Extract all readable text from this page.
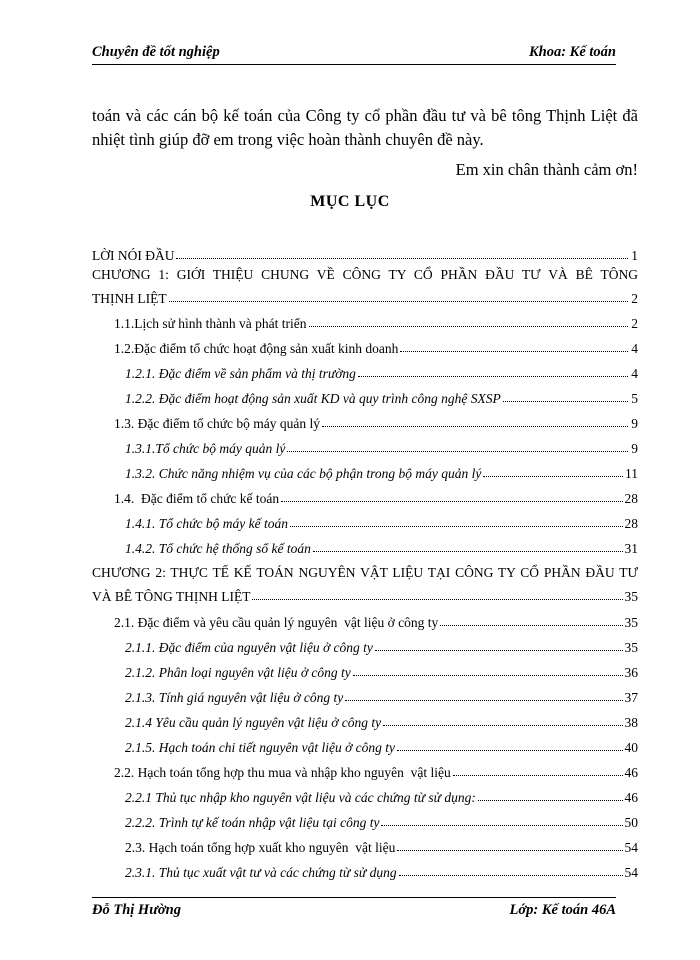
Chuyên đề tốt nghiệp	Khoa: Kế toán

toán và các cán bộ kế toán của Công ty cổ phần đầu tư và bê tông Thịnh Liệt đã

nhiệt tình giúp đỡ em trong việc hoàn thành chuyên đề này.

Em xin chân thành cảm ơn!
MỤC LỤC
LỜI NÓI ĐẦU	1
CHƯƠNG 1: GIỚI THIỆU CHUNG VỀ CÔNG TY CỔ PHẦN ĐẦU TƯ VÀ BÊ TÔNG
THỊNH LIỆT	2
1.1.Lịch sử hình thành và phát triển	2
1.2.Đặc điểm tổ chức hoạt động sản xuất kinh doanh	4
1.2.1. Đặc điểm về sản phẩm và thị trường	4
1.2.2. Đặc điểm hoạt động sản xuất KD và quy trình công nghệ SXSP	5
1.3. Đặc điểm tổ chức bộ máy quản lý	9
1.3.1.Tổ chức bộ máy quản lý	9
1.3.2. Chức năng nhiệm vụ của các bộ phận trong bộ máy quản lý	11
1.4.  Đặc điểm tổ chức kế toán	28
1.4.1. Tổ chức bộ máy kế toán	28
1.4.2. Tổ chức hệ thống sổ kế toán	31
CHƯƠNG 2: THỰC TẾ KẾ TOÁN NGUYÊN VẬT LIỆU TẠI CÔNG TY CỔ PHẦN ĐẦU TƯ
VÀ BÊ TÔNG THỊNH LIỆT	35
2.1. Đặc điểm và yêu cầu quản lý nguyên  vật liệu ở công ty	35
2.1.1. Đặc điểm của nguyên vật liệu ở công ty	35
2.1.2. Phân loại nguyên vật liệu ở công ty	36
2.1.3. Tính giá nguyên vật liệu ở công ty	37
2.1.4 Yêu cầu quản lý nguyên vật liệu ở công ty	38
2.1.5. Hạch toán chi tiết nguyên vật liệu ở công ty	40
2.2. Hạch toán tổng hợp thu mua và nhập kho nguyên  vật liệu	46
2.2.1 Thủ tục nhập kho nguyên vật liệu và các chứng từ sử dụng:	46
2.2.2. Trình tự kế toán nhập vật liệu tại công ty	50
2.3. Hạch toán tổng hợp xuất kho nguyên  vật liệu	54
2.3.1. Thủ tục xuất vật tư và các chứng từ sử dụng	54
Đỗ Thị Hường	Lớp: Kế toán 46A
